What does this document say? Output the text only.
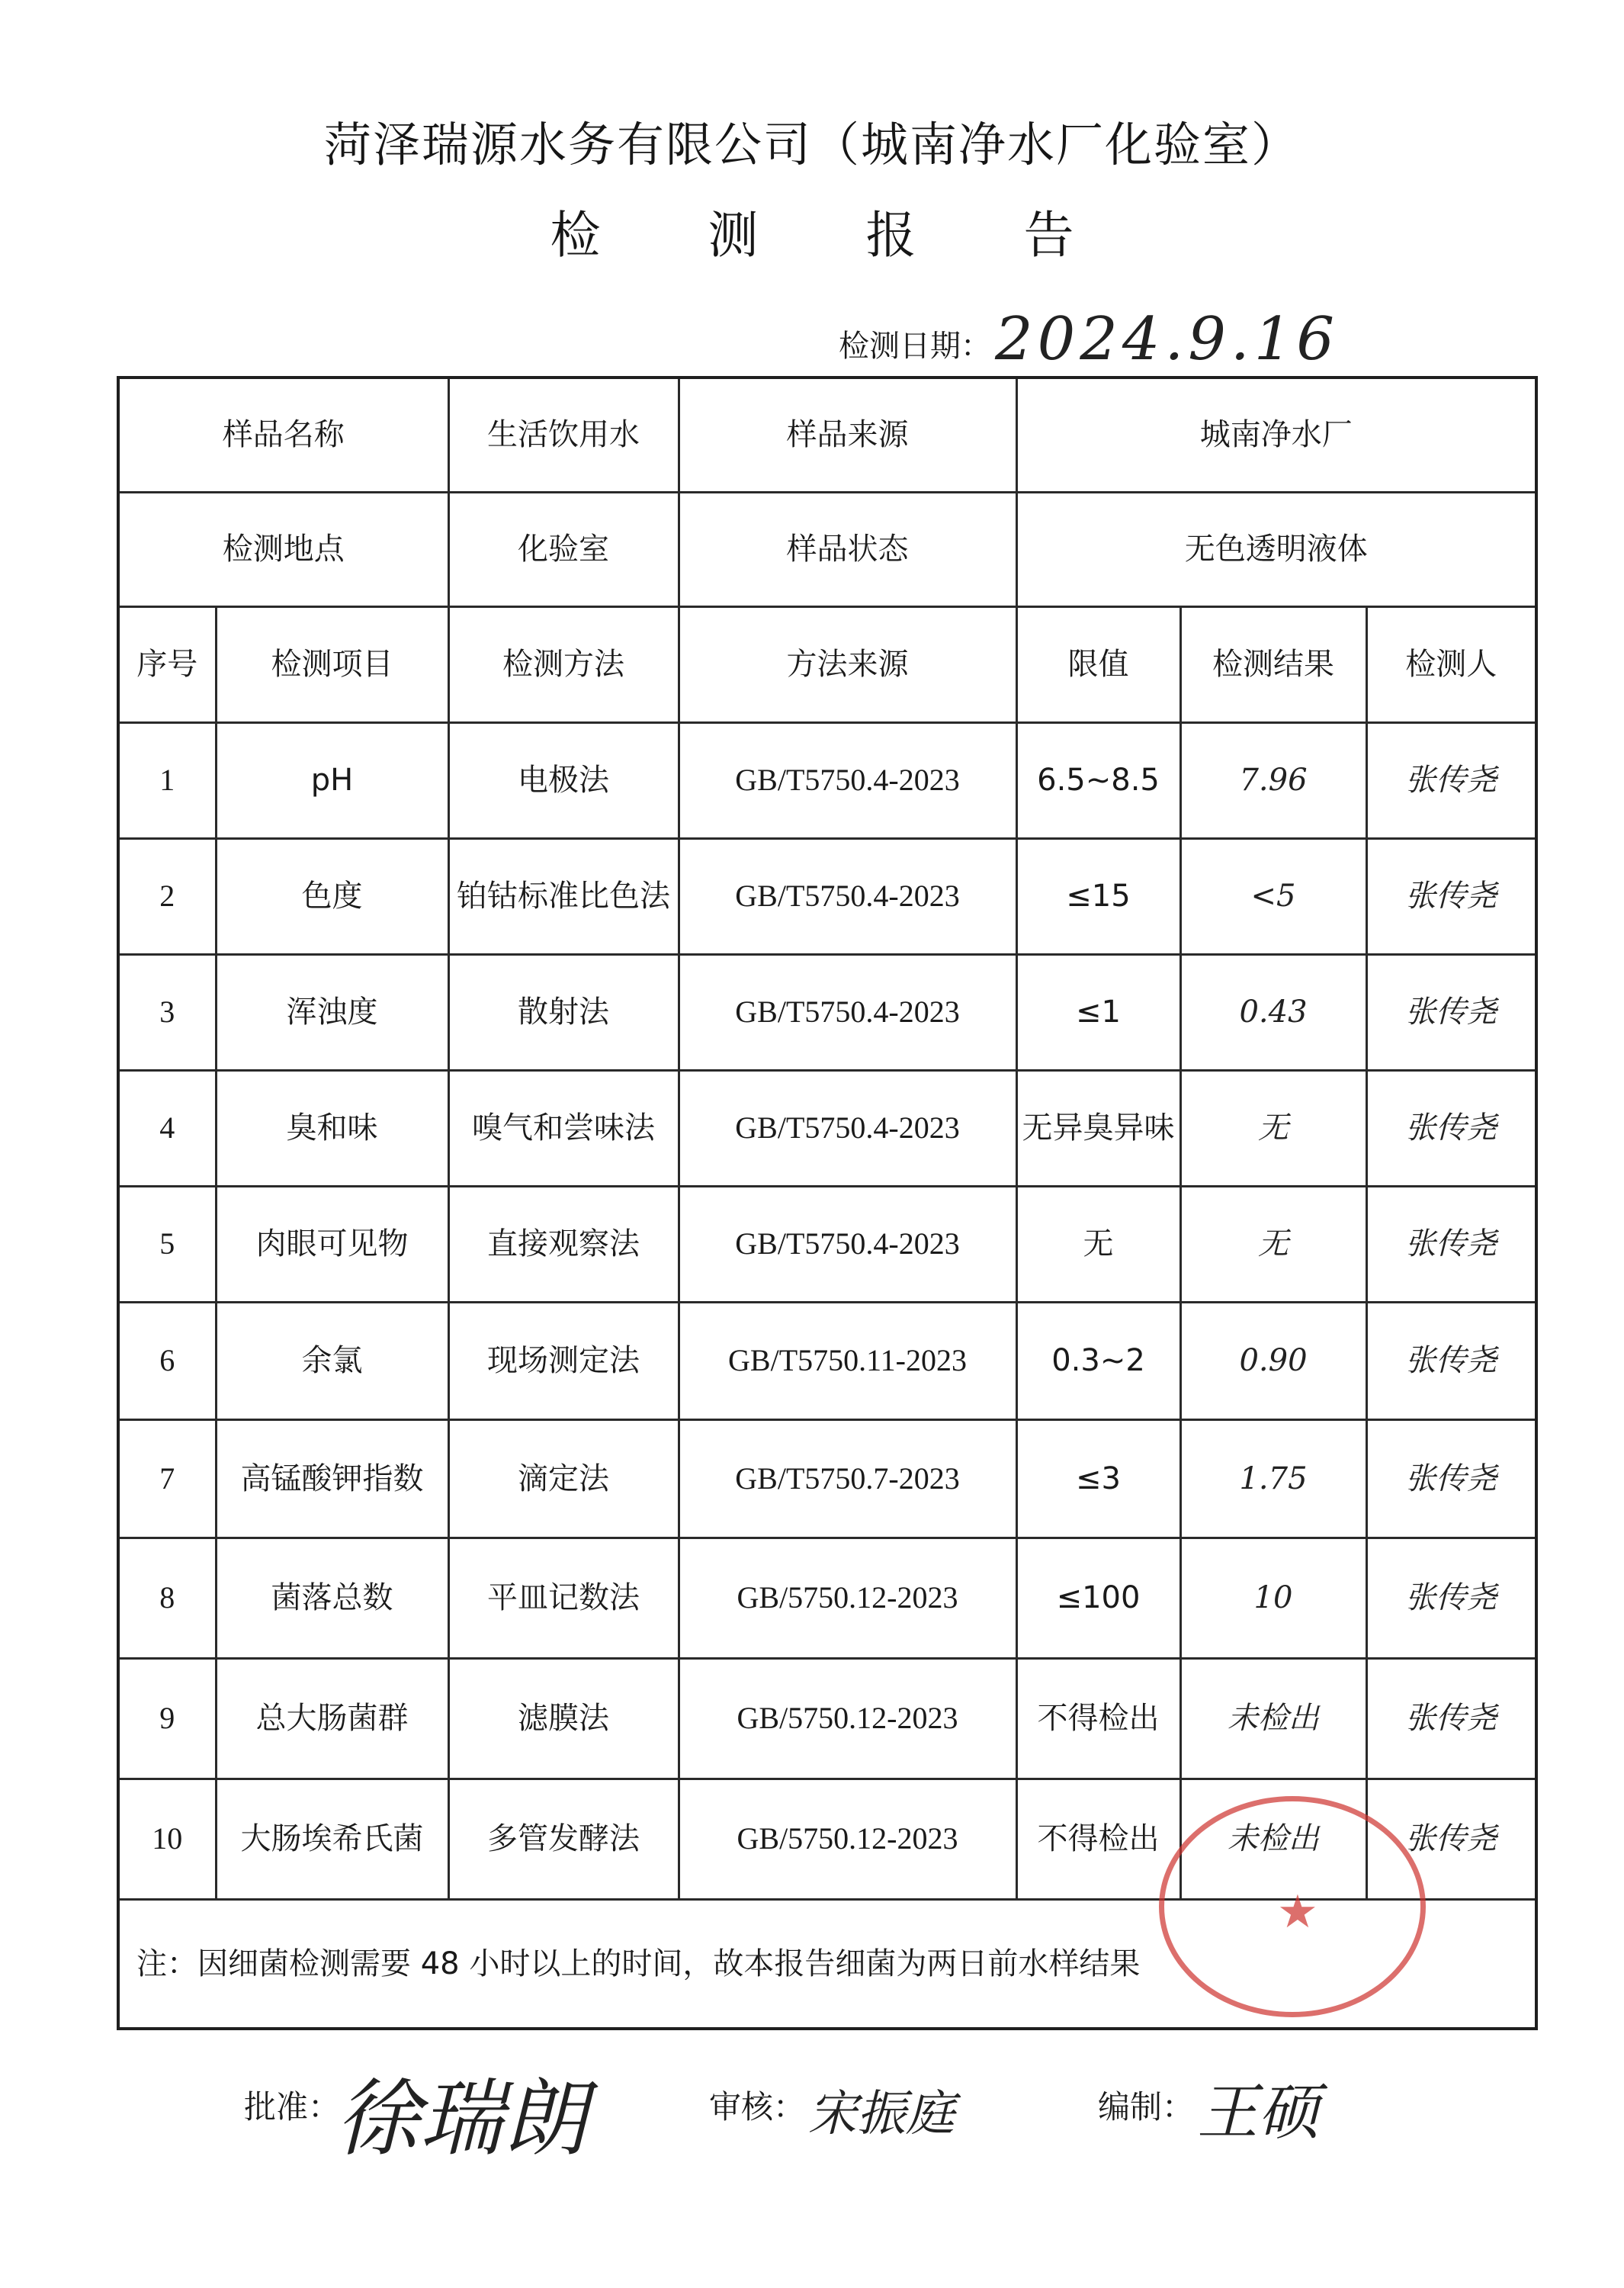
菏泽瑞源水务有限公司（城南净水厂化验室）
检 测 报 告
检测日期： 2024.9.16
样品名称		生活饮用水	样品来源	城南净水厂		
检测地点		化验室	样品状态	无色透明液体		
序号	检测项目	检测方法	方法来源	限值	检测结果	检测人
1	pH	电极法	GB/T5750.4-2023	6.5~8.5	7.96	张传尧
2	色度	铂钴标准比色法	GB/T5750.4-2023	≤15	<5	张传尧
3	浑浊度	散射法	GB/T5750.4-2023	≤1	0.43	张传尧
4	臭和味	嗅气和尝味法	GB/T5750.4-2023	无异臭异味	无	张传尧
5	肉眼可见物	直接观察法	GB/T5750.4-2023	无	无	张传尧
6	余氯	现场测定法	GB/T5750.11-2023	0.3~2	0.90	张传尧
7	高锰酸钾指数	滴定法	GB/T5750.7-2023	≤3	1.75	张传尧
8	菌落总数	平皿记数法	GB/5750.12-2023	≤100	10	张传尧
9	总大肠菌群	滤膜法	GB/5750.12-2023	不得检出	未检出	张传尧
10	大肠埃希氏菌	多管发酵法	GB/5750.12-2023	不得检出	未检出	张传尧
注：因细菌检测需要 48 小时以上的时间，故本报告细菌为两日前水样结果						
★
批准：
徐瑞朗	审核： 宋振庭	编制： 王硕
